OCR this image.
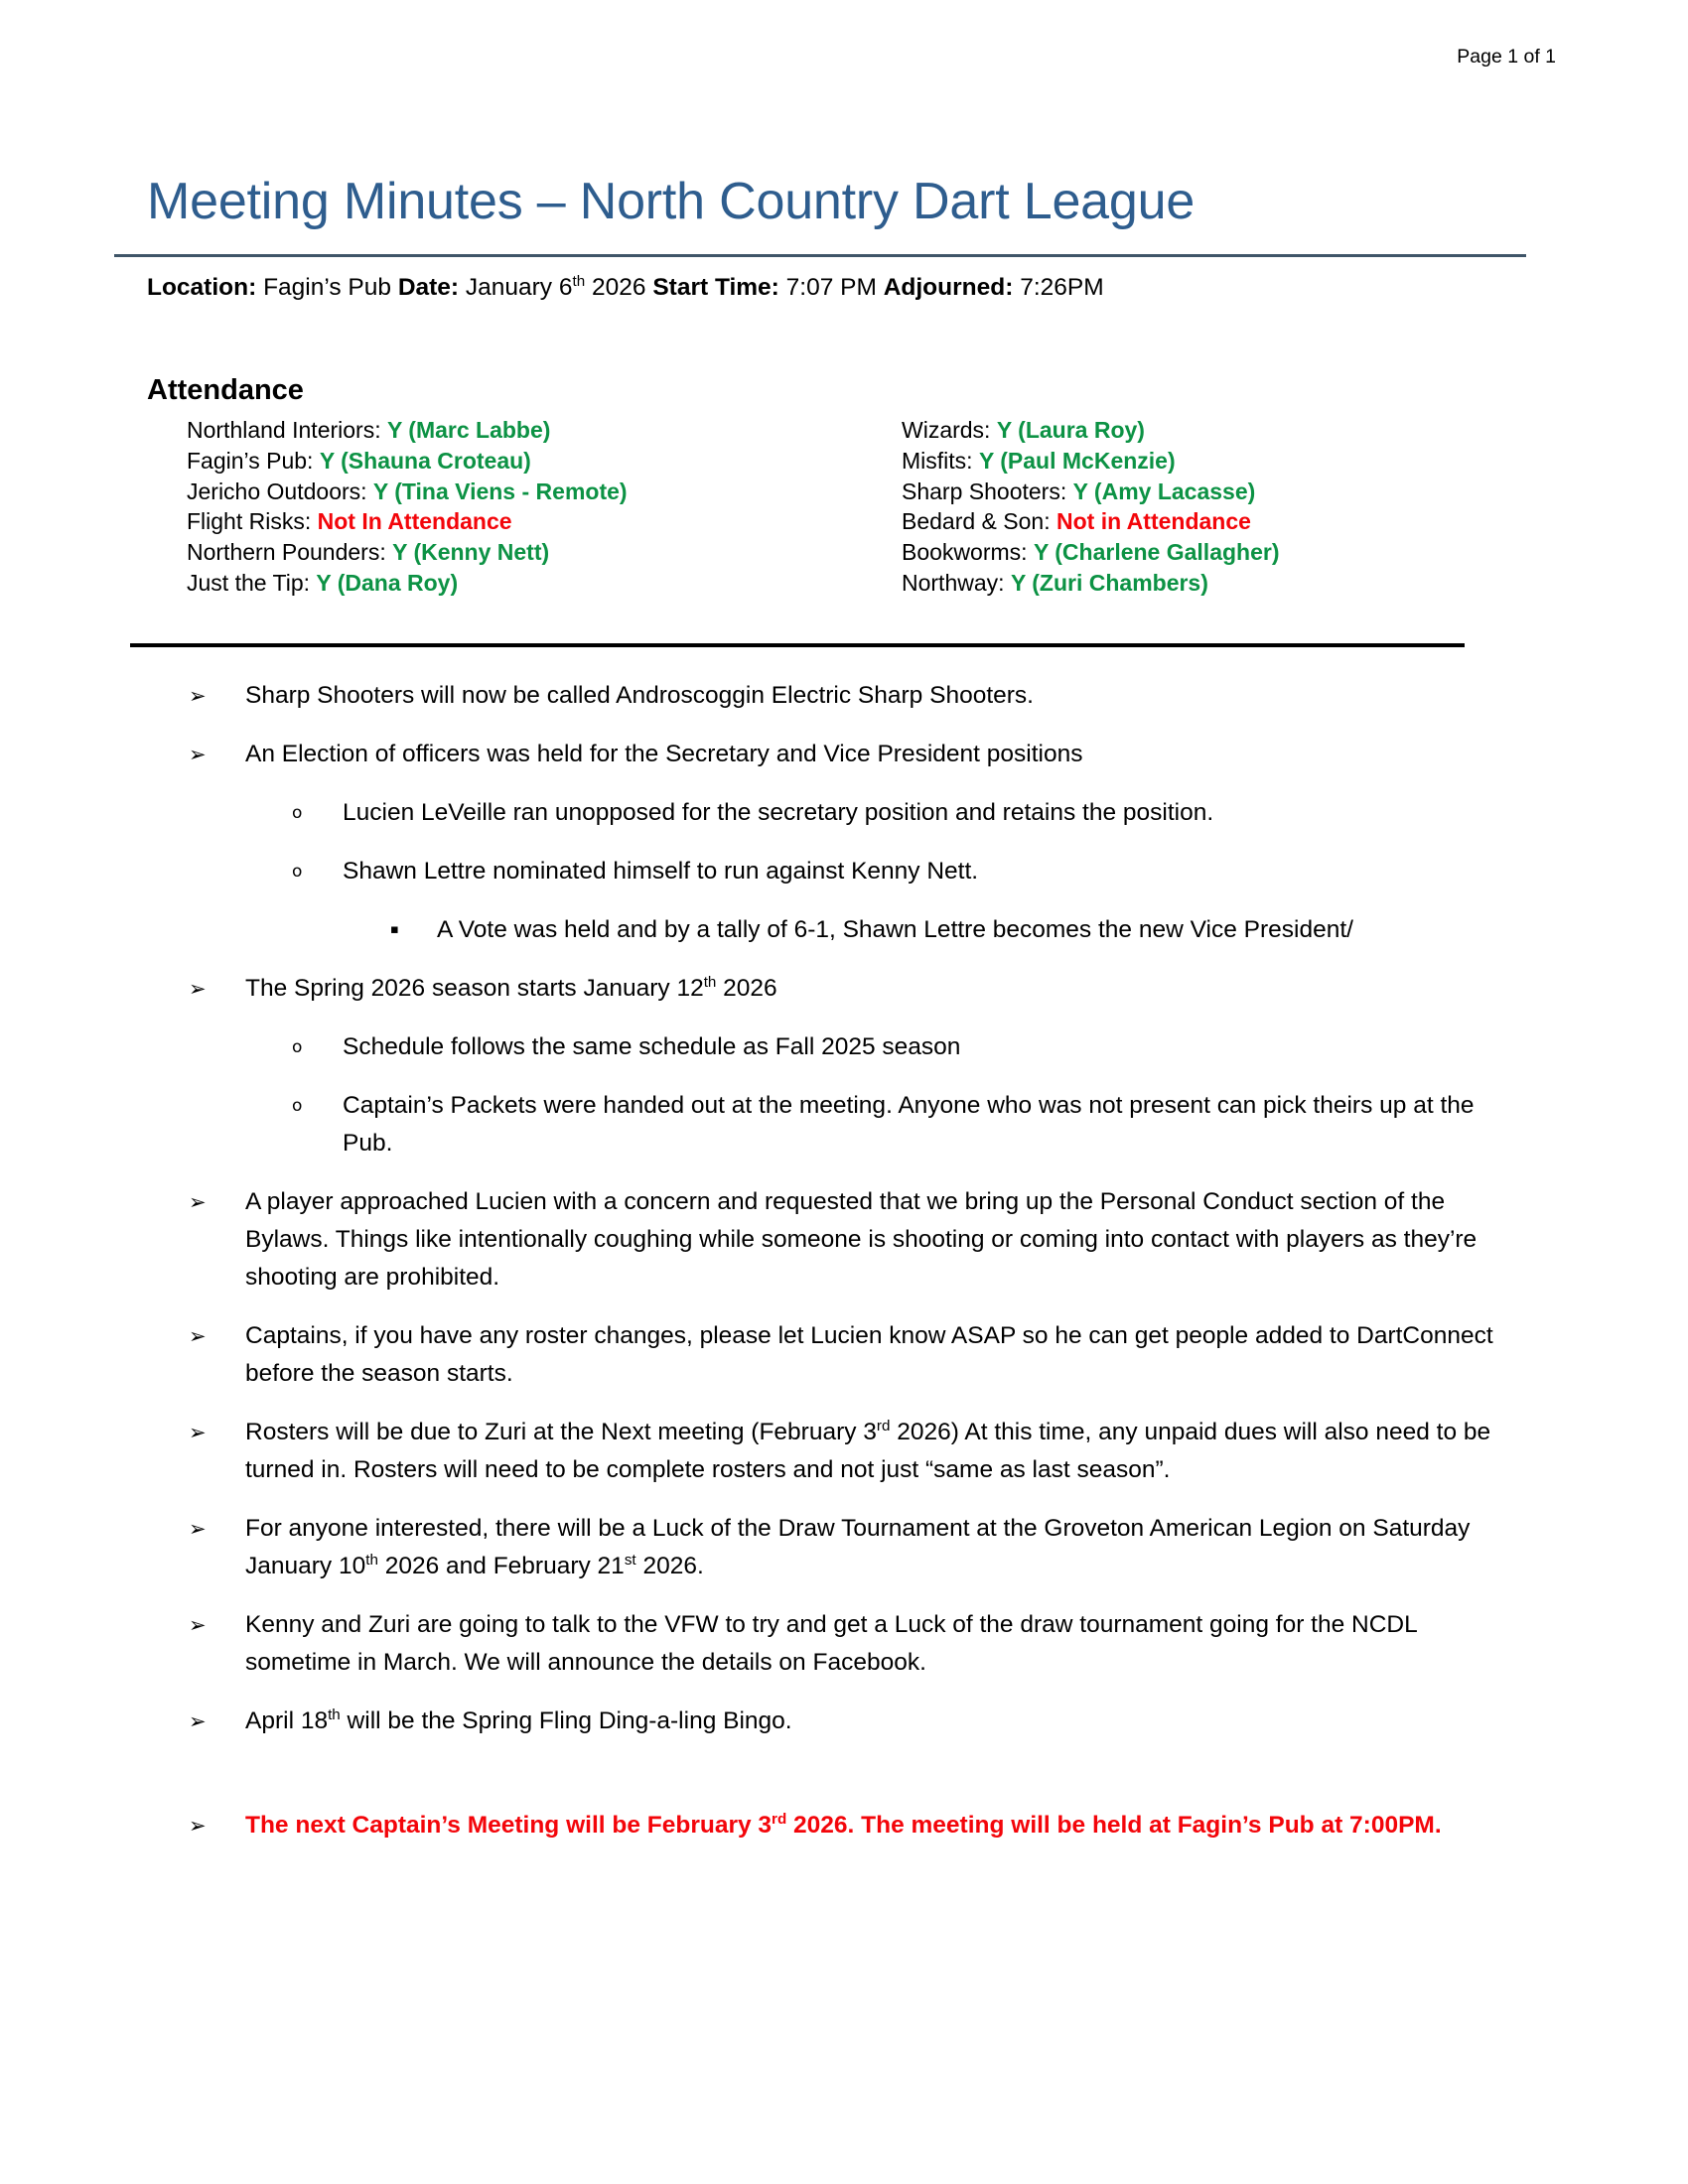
Page 1 of 1
Meeting Minutes – North Country Dart League
Location: Fagin’s Pub Date: January 6th 2026 Start Time: 7:07 PM Adjourned: 7:26PM
Attendance
Northland Interiors: Y (Marc Labbe)
Fagin’s Pub: Y (Shauna Croteau)
Jericho Outdoors: Y (Tina Viens - Remote)
Flight Risks: Not In Attendance
Northern Pounders: Y (Kenny Nett)
Just the Tip: Y (Dana Roy)
Wizards: Y (Laura Roy)
Misfits: Y (Paul McKenzie)
Sharp Shooters: Y (Amy Lacasse)
Bedard & Son: Not in Attendance
Bookworms: Y (Charlene Gallagher)
Northway: Y (Zuri Chambers)
➢ Sharp Shooters will now be called Androscoggin Electric Sharp Shooters.
➢ An Election of officers was held for the Secretary and Vice President positions
o Lucien LeVeille ran unopposed for the secretary position and retains the position.
o Shawn Lettre nominated himself to run against Kenny Nett.
▪ A Vote was held and by a tally of 6-1, Shawn Lettre becomes the new Vice President/
➢ The Spring 2026 season starts January 12th 2026
o Schedule follows the same schedule as Fall 2025 season
o Captain’s Packets were handed out at the meeting. Anyone who was not present can pick theirs up at the Pub.
➢ A player approached Lucien with a concern and requested that we bring up the Personal Conduct section of the Bylaws. Things like intentionally coughing while someone is shooting or coming into contact with players as they’re shooting are prohibited.
➢ Captains, if you have any roster changes, please let Lucien know ASAP so he can get people added to DartConnect before the season starts.
➢ Rosters will be due to Zuri at the Next meeting (February 3rd 2026) At this time, any unpaid dues will also need to be turned in. Rosters will need to be complete rosters and not just “same as last season”.
➢ For anyone interested, there will be a Luck of the Draw Tournament at the Groveton American Legion on Saturday January 10th 2026 and February 21st 2026.
➢ Kenny and Zuri are going to talk to the VFW to try and get a Luck of the draw tournament going for the NCDL sometime in March. We will announce the details on Facebook.
➢ April 18th will be the Spring Fling Ding-a-ling Bingo.
➢ The next Captain’s Meeting will be February 3rd 2026. The meeting will be held at Fagin’s Pub at 7:00PM.
